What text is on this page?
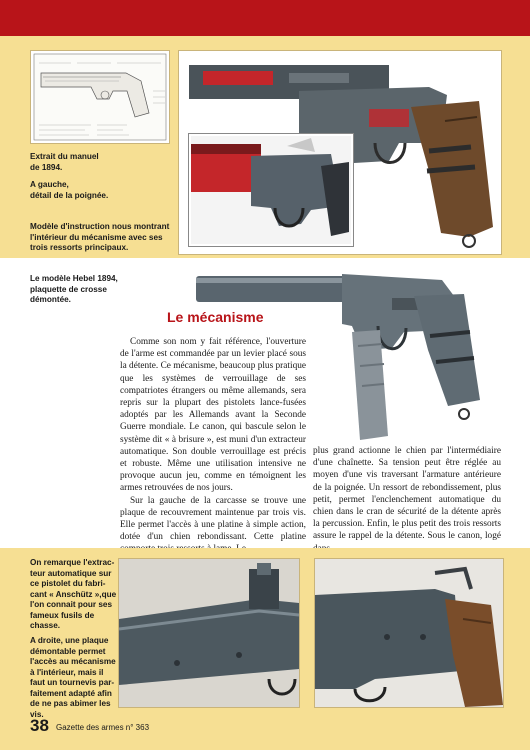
Extrait du manuel
de 1894.
A gauche,
détail de la poignée.
Modèle d'instruction nous montrant
l'intérieur du mécanisme avec ses
trois ressorts principaux.
Le modèle Hebel 1894,
plaquette de crosse
démontée.
Le mécanisme

Comme son nom y fait référence, l'ouverture de l'arme est commandée par un levier placé sous la détente. Ce mécanisme, beaucoup plus pratique que les systèmes de verrouillage de ses compatriotes étrangers ou même allemands, sera repris sur la plupart des pistolets lance-fusées adoptés par les Allemands avant la Seconde Guerre mondiale. Le canon, qui bascule selon le système dit « à brisure », est muni d'un extracteur automatique. Son double verrouillage est précis et robuste. Même une utilisation intensive ne provoque aucun jeu, comme en témoignent les armes retrouvées de nos jours.

Sur la gauche de la carcasse se trouve une plaque de recouvrement maintenue par trois vis. Elle permet l'accès à une platine à simple action, dotée d'un chien rebondissant. Cette platine

plus grand actionne le chien par l'intermédiaire d'une chaînette. Sa tension peut être réglée au moyen d'une vis traversant l'armature antérieure de la poignée. Un ressort de rebondissement, plus petit, permet l'enclenchement automatique du chien dans le cran de sécurité de la détente après la percussion. Enfin, le plus petit des trois ressorts assure le rappel de la détente. Sous le canon, logé

On remarque l'extrac-
teur automatique sur
ce pistolet du fabri-
cant « Anschütz »,que
l'on connait pour ses
fameux fusils de
chasse.
A droite, une plaque
démontable permet
l'accès au mécanisme
à l'intérieur, mais il
faut un tournevis par-
faitement adapté afin
de ne pas abimer les
vis.
38 Gazette des armes n° 363
